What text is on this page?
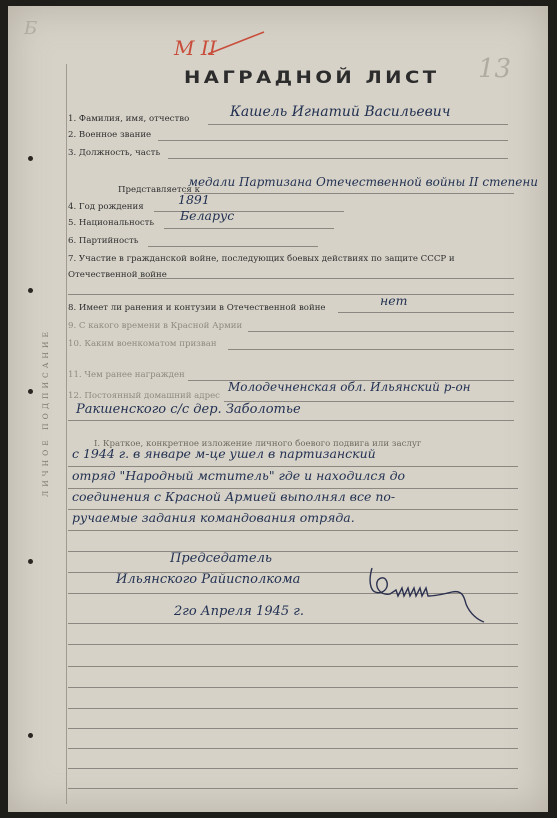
Б
13
М II
НАГРАДНОЙ ЛИСТ
ЛИЧНОЕ ПОДПИСАНИЕ
1. Фамилия, имя, отчество	Кашель Игнатий Васильевич
2. Военное звание
3. Должность, часть
Представляется к
медали Партизана Отечественной войны II степени
4. Год рождения	1891
5. Национальность Беларус
6. Партийность
7. Участие в гражданской войне, последующих боевых действиях по защите СССР и Отечественной войне
8. Имеет ли ранения и контузии в Отечественной войне	нет
9. С какого времени в Красной Армии
10. Каким военкоматом призван
11. Чем ранее награжден
12. Постоянный домашний адрес
Молодечненская обл. Ильянский р-он
Ракшенского с/с дер. Заболотье
I. Краткое, конкретное изложение личного боевого подвига или заслуг
с 1944 г. в январе м-це ушел в партизанский
отряд "Народный мститель" где и находился до
соединения с Красной Армией выполнял все по-
ручаемые задания командования отряда.
Председатель
Ильянского Райисполкома
2го Апреля 1945 г.
